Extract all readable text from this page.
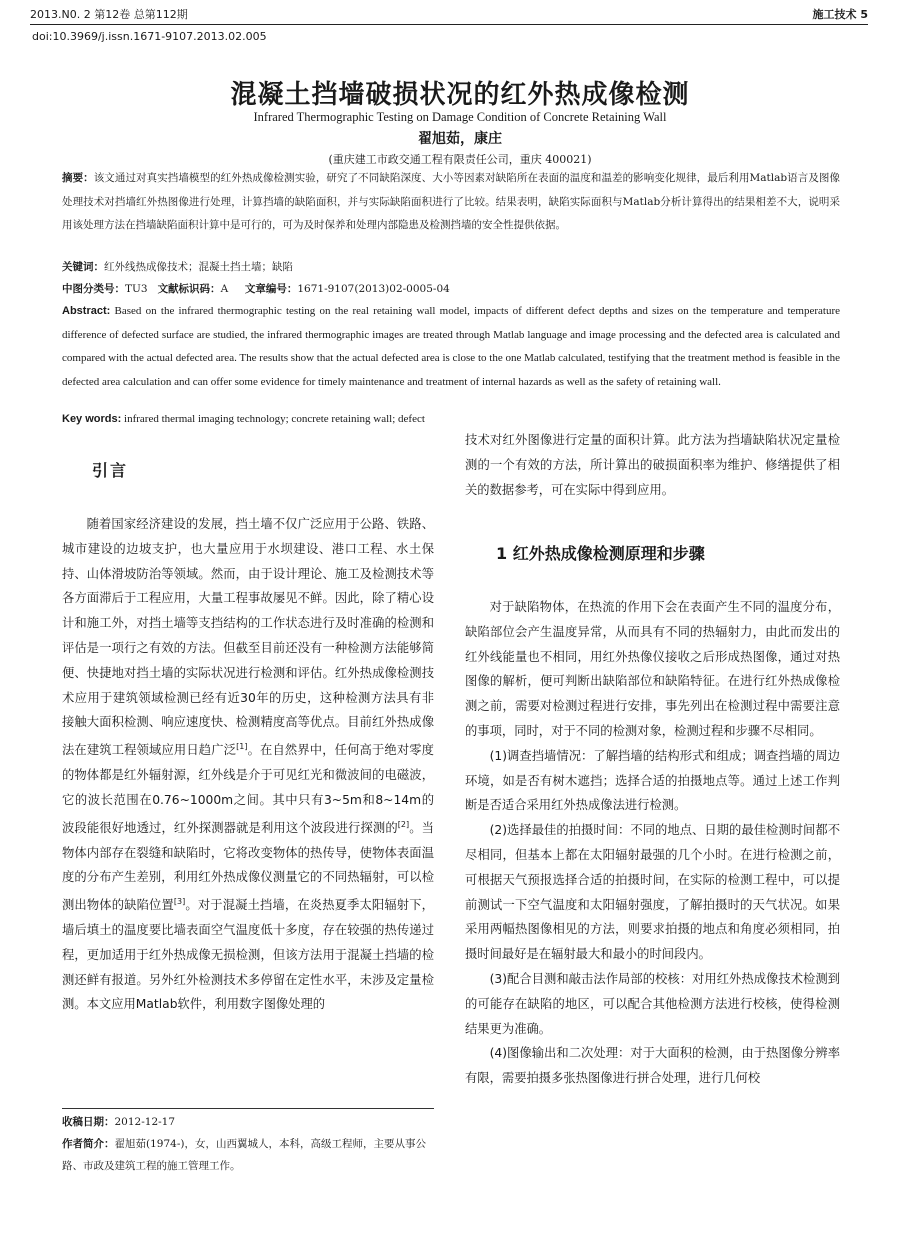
2013.N0. 2 第12卷 总第112期	施工技术 5
doi:10.3969/j.issn.1671-9107.2013.02.005
混凝土挡墙破损状况的红外热成像检测
Infrared Thermographic Testing on Damage Condition of Concrete Retaining Wall
翟旭茹，康庄
(重庆建工市政交通工程有限责任公司，重庆 400021)
摘要：该文通过对真实挡墙模型的红外热成像检测实验，研究了不同缺陷深度、大小等因素对缺陷所在表面的温度和温差的影响变化规律，最后利用Matlab语言及图像处理技术对挡墙红外热图像进行处理，计算挡墙的缺陷面积，并与实际缺陷面积进行了比较。结果表明，缺陷实际面积与Matlab分析计算得出的结果相差不大，说明采用该处理方法在挡墙缺陷面积计算中是可行的，可为及时保养和处理内部隐患及检测挡墙的安全性提供依据。
关键词：红外线热成像技术；混凝土挡土墙；缺陷
中图分类号：TU3 文献标识码：A 文章编号：1671-9107(2013)02-0005-04
Abstract: Based on the infrared thermographic testing on the real retaining wall model, impacts of different defect depths and sizes on the temperature and temperature difference of defected surface are studied, the infrared thermographic images are treated through Matlab language and image processing and the defected area is calculated and compared with the actual defected area. The results show that the actual defected area is close to the one Matlab calculated, testifying that the treatment method is feasible in the defected area calculation and can offer some evidence for timely maintenance and treatment of internal hazards as well as the safety of retaining wall.
Key words: infrared thermal imaging technology; concrete retaining wall; defect
引言

随着国家经济建设的发展，挡土墙不仅广泛应用于公路、铁路、城市建设的边坡支护，也大量应用于水坝建设、港口工程、水土保持、山体滑坡防治等领域。然而，由于设计理论、施工及检测技术等各方面滞后于工程应用，大量工程事故屡见不鲜。因此，除了精心设计和施工外，对挡土墙等支挡结构的工作状态进行及时准确的检测和评估是一项行之有效的方法。但截至目前还没有一种检测方法能够简便、快捷地对挡土墙的实际状况进行检测和评估。红外热成像检测技术应用于建筑领域检测已经有近30年的历史，这种检测方法具有非接触大面积检测、响应速度快、检测精度高等优点。目前红外热成像法在建筑工程领域应用日趋广泛[1]。在自然界中，任何高于绝对零度的物体都是红外辐射源，红外线是介于可见红光和微波间的电磁波，它的波长范围在0.76~1000m之间。其中只有3~5m和8~14m的波段能很好地透过，红外探测器就是利用这个波段进行探测的[2]。当物体内部存在裂缝和缺陷时，它将改变物体的热传导，使物体表面温度的分布产生差别，利用红外热成像仪测量它的不同热辐射，可以检测出物体的缺陷位置[3]。对于混凝土挡墙，在炎热夏季太阳辐射下，墙后填土的温度要比墙表面空气温度低十多度，存在较强的热传递过程，更加适用于红外热成像无损检测，但该方法用于混凝土挡墙的检测还鲜有报道。另外红外检测技术多停留在定性水平，未涉及定量检测。本文应用Matlab软件，利用数字图像处理的

收稿日期：2012-12-17

作者简介：翟旭茹(1974-)，女，山西翼城人，本科，高级工程师，主要从事公路、市政及建筑工程的施工管理工作。

技术对红外图像进行定量的面积计算。此方法为挡墙缺陷状况定量检测的一个有效的方法，所计算出的破损面积率为维护、修缮提供了相关的数据参考，可在实际中得到应用。

1 红外热成像检测原理和步骤

对于缺陷物体，在热流的作用下会在表面产生不同的温度分布，缺陷部位会产生温度异常，从而具有不同的热辐射力，由此而发出的红外线能量也不相同，用红外热像仪接收之后形成热图像，通过对热图像的解析，便可判断出缺陷部位和缺陷特征。在进行红外热成像检测之前，需要对检测过程进行安排，事先列出在检测过程中需要注意的事项，同时，对于不同的检测对象，检测过程和步骤不尽相同。

(1)调查挡墙情况：了解挡墙的结构形式和组成；调查挡墙的周边环境，如是否有树木遮挡；选择合适的拍摄地点等。通过上述工作判断是否适合采用红外热成像法进行检测。

(2)选择最佳的拍摄时间：不同的地点、日期的最佳检测时间都不尽相同，但基本上都在太阳辐射最强的几个小时。在进行检测之前，可根据天气预报选择合适的拍摄时间，在实际的检测工程中，可以提前测试一下空气温度和太阳辐射强度，了解拍摄时的天气状况。如果采用两幅热图像相见的方法，则要求拍摄的地点和角度必须相同，拍摄时间最好是在辐射最大和最小的时间段内。

(3)配合目测和敲击法作局部的校核：对用红外热成像技术检测到的可能存在缺陷的地区，可以配合其他检测方法进行校核，使得检测结果更为准确。

(4)图像输出和二次处理：对于大面积的检测，由于热图像分辨率有限，需要拍摄多张热图像进行拼合处理，进行几何校
